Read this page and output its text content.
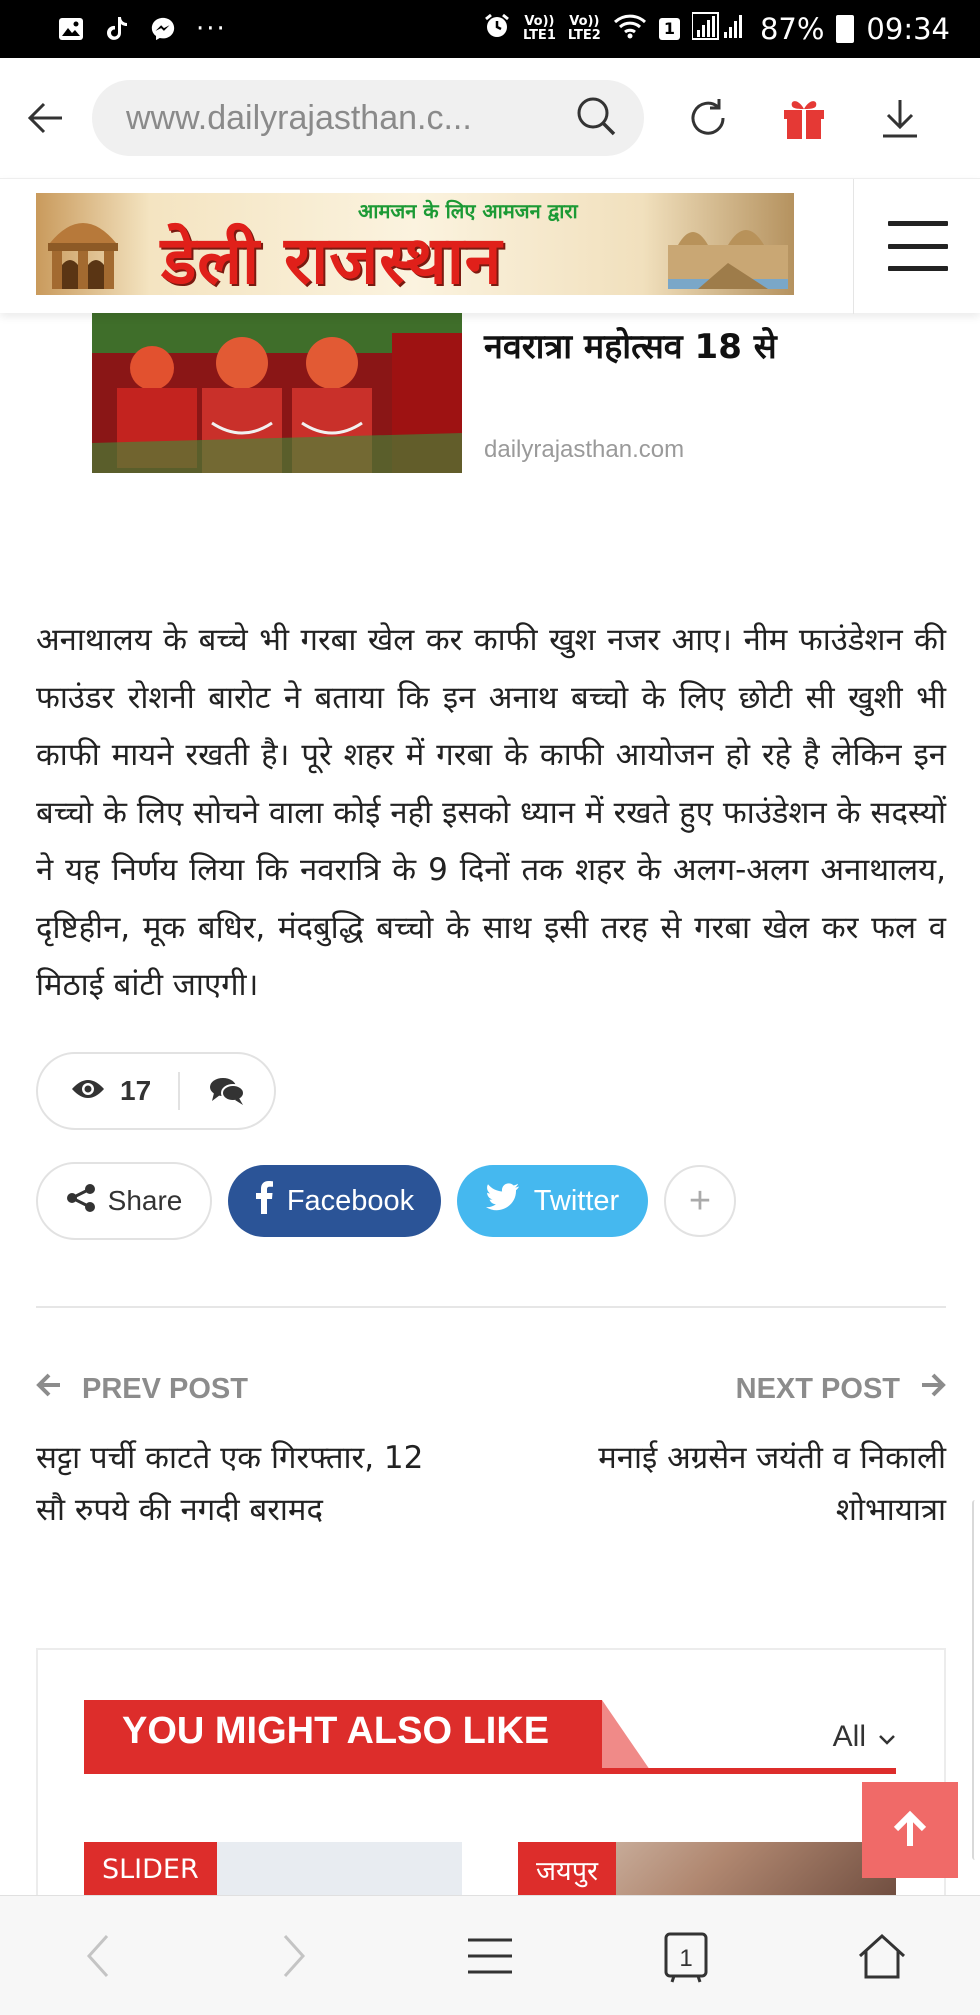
···	Vo))
LTE1
Vo))
LTE2	1	87% 09:34
www.dailyrajasthan.c...
आमजन के लिए आमजन द्वारा
डेली राजस्थान
नवरात्रा महोत्सव 18 से
dailyrajasthan.com
अनाथालय के बच्चे भी गरबा खेल कर काफी खुश नजर आए। नीम फाउंडेशन की फाउंडर रोशनी बारोट ने बताया कि इन अनाथ बच्चो के लिए छोटी सी खुशी भी काफी मायने रखती है। पूरे शहर में गरबा के काफी आयोजन हो रहे है लेकिन इन बच्चो के लिए सोचने वाला कोई नही इसको ध्यान में रखते हुए फाउंडेशन के सदस्यों ने यह निर्णय लिया कि नवरात्रि के 9 दिनों तक शहर के अलग-अलग अनाथालय, दृष्टिहीन, मूक बधिर, मंदबुद्धि बच्चो के साथ इसी तरह से गरबा खेल कर फल व मिठाई बांटी जाएगी।
17
Share	Facebook	Twitter	+
PREV POST
सट्टा पर्ची काटते एक गिरफ्तार, 12 सौ रुपये की नगदी बरामद
NEXT POST
मनाई अग्रसेन जयंती व निकाली शोभायात्रा
YOU MIGHT ALSO LIKE	All
SLIDER	जयपुर
1
